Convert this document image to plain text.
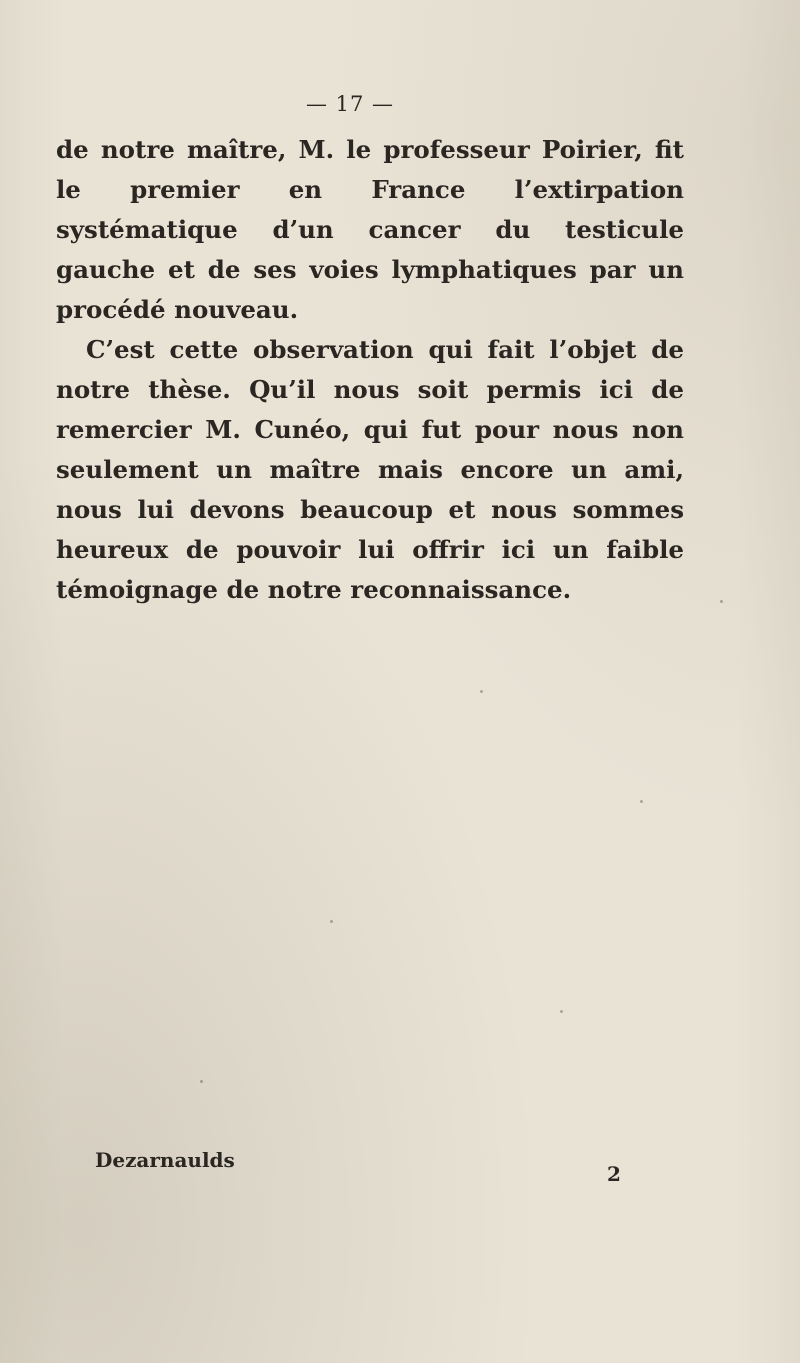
— 17 —

de notre maître, M. le professeur Poirier, fit le premier en France l’extirpation systématique d’un cancer du testicule gauche et de ses voies lymphatiques par un procédé nouveau.

C’est cette observation qui fait l’objet de notre thèse. Qu’il nous soit permis ici de remercier M. Cunéo, qui fut pour nous non seulement un maître mais encore un ami, nous lui devons beaucoup et nous sommes heureux de pouvoir lui offrir ici un faible témoignage de notre reconnaissance.

Dezarnaulds
2
